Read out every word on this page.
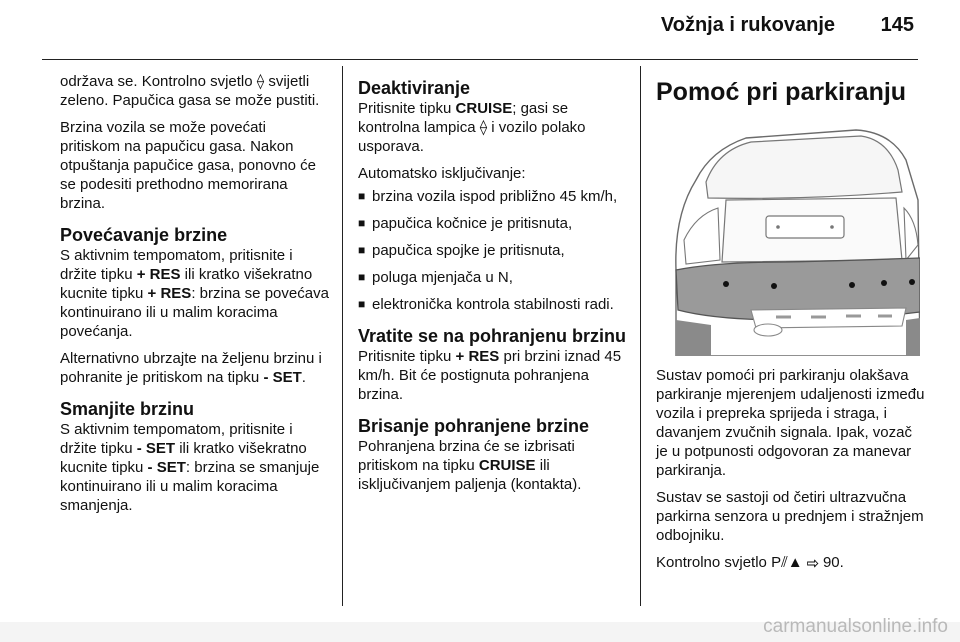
Vožnja i rukovanje 145

održava se. Kontrolno svjetlo ⟠ svijetli zeleno. Papučica gasa se može pustiti.

Brzina vozila se može povećati pritiskom na papučicu gasa. Nakon otpuštanja papučice gasa, ponovno će se podesiti prethodno memorirana brzina.

Povećavanje brzine

S aktivnim tempomatom, pritisnite i držite tipku + RES ili kratko višekratno kucnite tipku + RES: brzina se povećava kontinuirano ili u malim koracima povećanja.

Alternativno ubrzajte na željenu brzinu i pohranite je pritiskom na tipku - SET.

Smanjite brzinu

S aktivnim tempomatom, pritisnite i držite tipku - SET ili kratko višekratno kucnite tipku - SET: brzina se smanjuje kontinuirano ili u malim koracima smanjenja.

Deaktiviranje

Pritisnite tipku CRUISE; gasi se kontrolna lampica ⟠ i vozilo polako usporava.

Automatsko isključivanje:

■ brzina vozila ispod približno 45 km/h,
■ papučica kočnice je pritisnuta,
■ papučica spojke je pritisnuta,
■ poluga mjenjača u N,
■ elektronička kontrola stabilnosti radi.
Vratite se na pohranjenu brzinu

Pritisnite tipku + RES pri brzini iznad 45 km/h. Bit će postignuta pohranjena brzina.

Brisanje pohranjene brzine

Pohranjena brzina će se izbrisati pritiskom na tipku CRUISE ili isključivanjem paljenja (kontakta).

Pomoć pri parkiranju

Sustav pomoći pri parkiranju olakšava parkiranje mjerenjem udaljenosti između vozila i prepreka sprijeda i straga, i davanjem zvučnih signala. Ipak, vozač je u potpunosti odgovoran za manevar parkiranja.

Sustav se sastoji od četiri ultrazvučna parkirna senzora u prednjem i stražnjem odbojniku.

Kontrolno svjetlo P⫽▲ ⇨ 90.

carmanualsonline.info
